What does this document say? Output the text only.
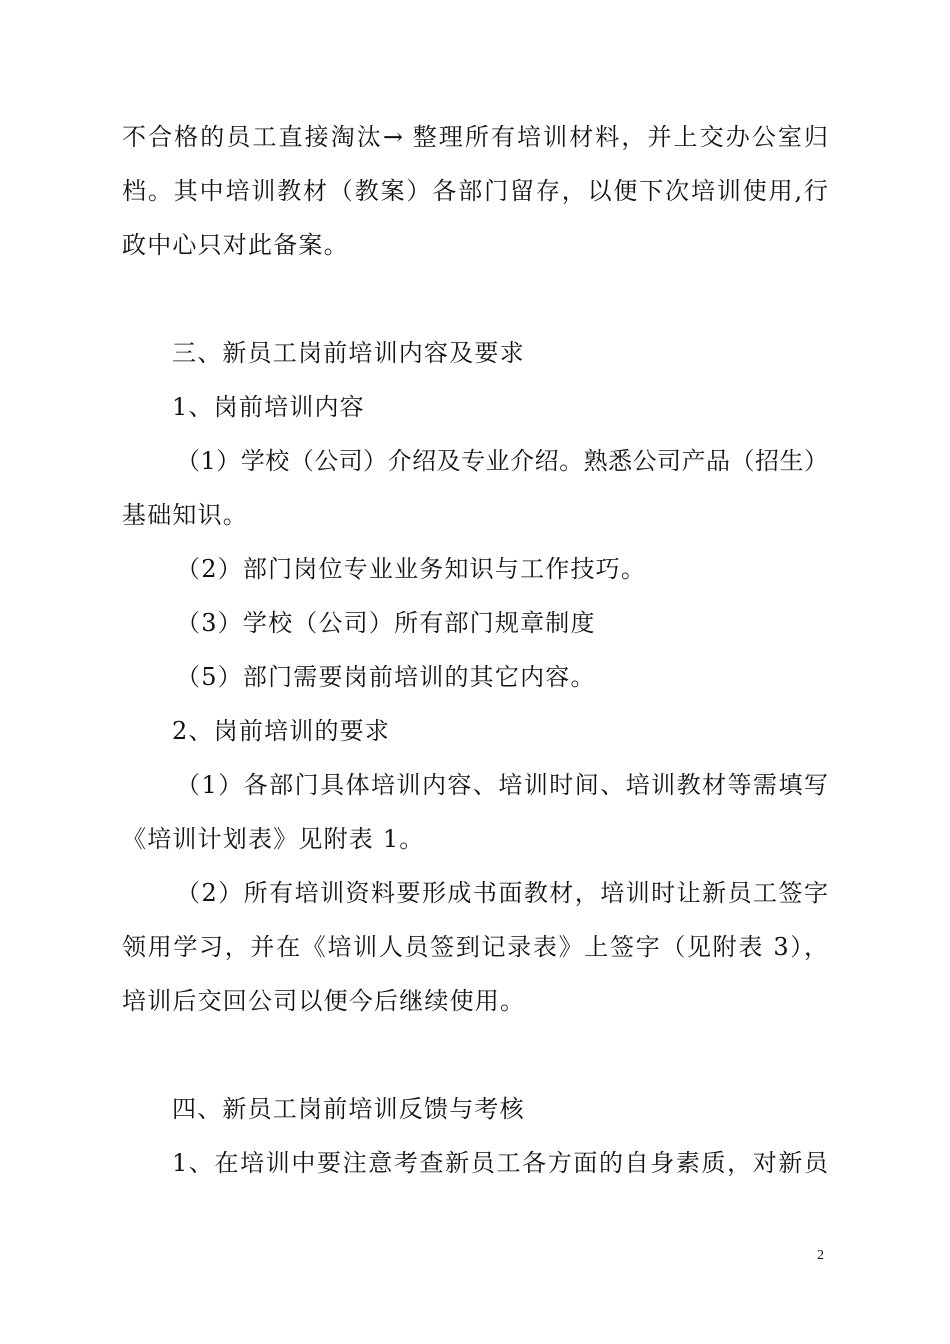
不合格的员工直接淘汰→ 整理所有培训材料，并上交办公室归
档。其中培训教材（教案）各部门留存，以便下次培训使用,行
政中心只对此备案。
三、新员工岗前培训内容及要求
1、岗前培训内容
（1）学校（公司）介绍及专业介绍。熟悉公司产品（招生）
基础知识。
（2）部门岗位专业业务知识与工作技巧。
（3）学校（公司）所有部门规章制度
（5）部门需要岗前培训的其它内容。
2、岗前培训的要求
（1）各部门具体培训内容、培训时间、培训教材等需填写
《培训计划表》见附表 1。
（2）所有培训资料要形成书面教材，培训时让新员工签字
领用学习，并在《培训人员签到记录表》上签字（见附表 3），
培训后交回公司以便今后继续使用。
四、新员工岗前培训反馈与考核
1、在培训中要注意考查新员工各方面的自身素质，对新员
2
